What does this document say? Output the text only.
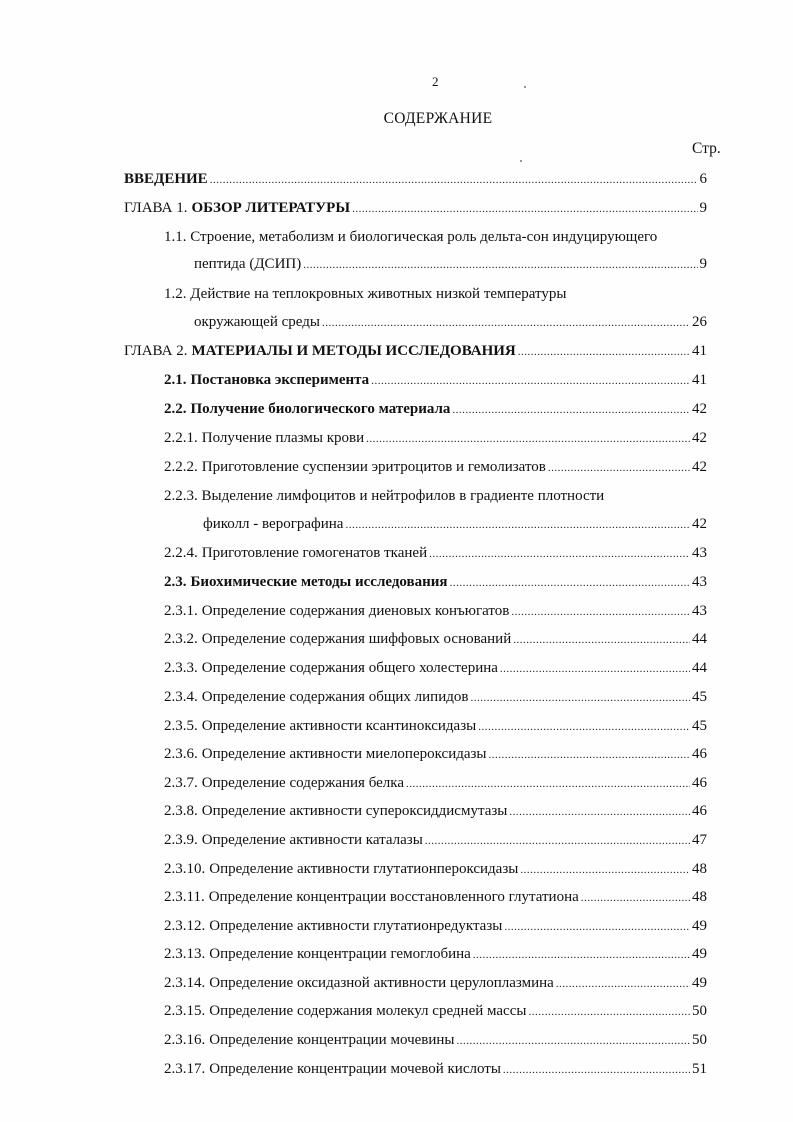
2
СОДЕРЖАНИЕ
Стр.
ВВЕДЕНИЕ .....	6
ГЛАВА 1. ОБЗОР ЛИТЕРАТУРЫ .....	9
1.1. Строение, метаболизм и биологическая роль дельта-сон индуцирующего
пептида (ДСИП) .....	9
1.2. Действие на теплокровных животных низкой температуры
окружающей среды .....	26
ГЛАВА 2. МАТЕРИАЛЫ И МЕТОДЫ ИССЛЕДОВАНИЯ .....	41
2.1. Постановка эксперимента .....	41
2.2. Получение биологического материала .....	42
2.2.1. Получение плазмы крови .....	42
2.2.2. Приготовление суспензии эритроцитов и гемолизатов .....	42
2.2.3. Выделение лимфоцитов и нейтрофилов в градиенте плотности
фиколл - верографина .....	42
2.2.4. Приготовление гомогенатов тканей .....	43
2.3. Биохимические методы исследования .....	43
2.3.1. Определение содержания диеновых конъюгатов .....	43
2.3.2. Определение содержания шиффовых оснований .....	44
2.3.3. Определение содержания общего холестерина .....	44
2.3.4. Определение содержания общих липидов .....	45
2.3.5. Определение активности ксантиноксидазы .....	45
2.3.6. Определение активности миелопероксидазы .....	46
2.3.7. Определение содержания белка .....	46
2.3.8. Определение активности супероксиддисмутазы .....	46
2.3.9. Определение активности каталазы .....	47
2.3.10. Определение активности глутатионпероксидазы .....	48
2.3.11. Определение концентрации восстановленного глутатиона .....	48
2.3.12. Определение активности глутатионредуктазы .....	49
2.3.13. Определение концентрации гемоглобина .....	49
2.3.14. Определение оксидазной активности церулоплазмина .....	49
2.3.15. Определение содержания молекул средней массы .....	50
2.3.16. Определение концентрации мочевины .....	50
2.3.17. Определение концентрации мочевой кислоты .....	51
